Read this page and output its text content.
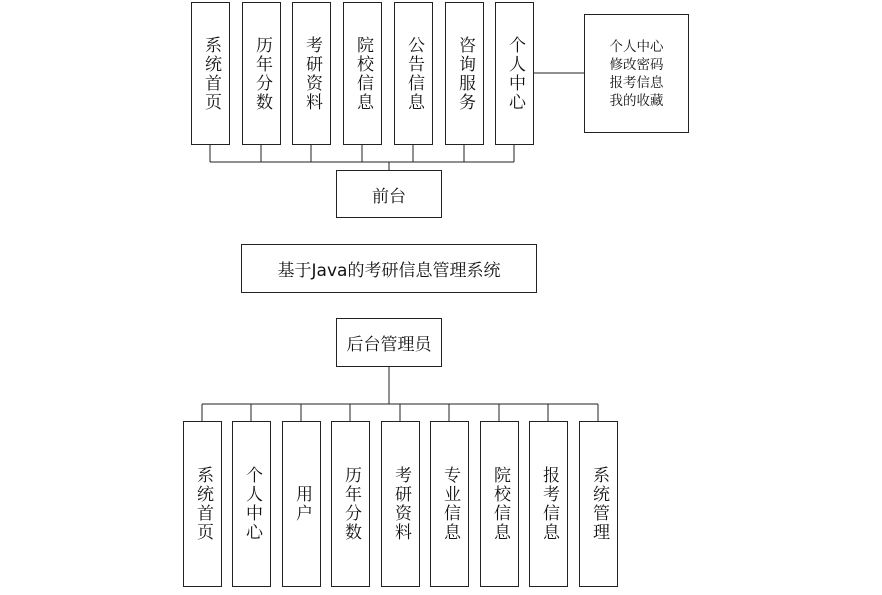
系统首页 历年分数 考研资料 院校信息 公告信息 咨询服务 个人中心	个人中心
修改密码
报考信息
我的收藏
前台
基于Java的考研信息管理系统
后台管理员
系统首页 个人中心 用户 历年分数 考研资料 专业信息 院校信息 报考信息 系统管理
